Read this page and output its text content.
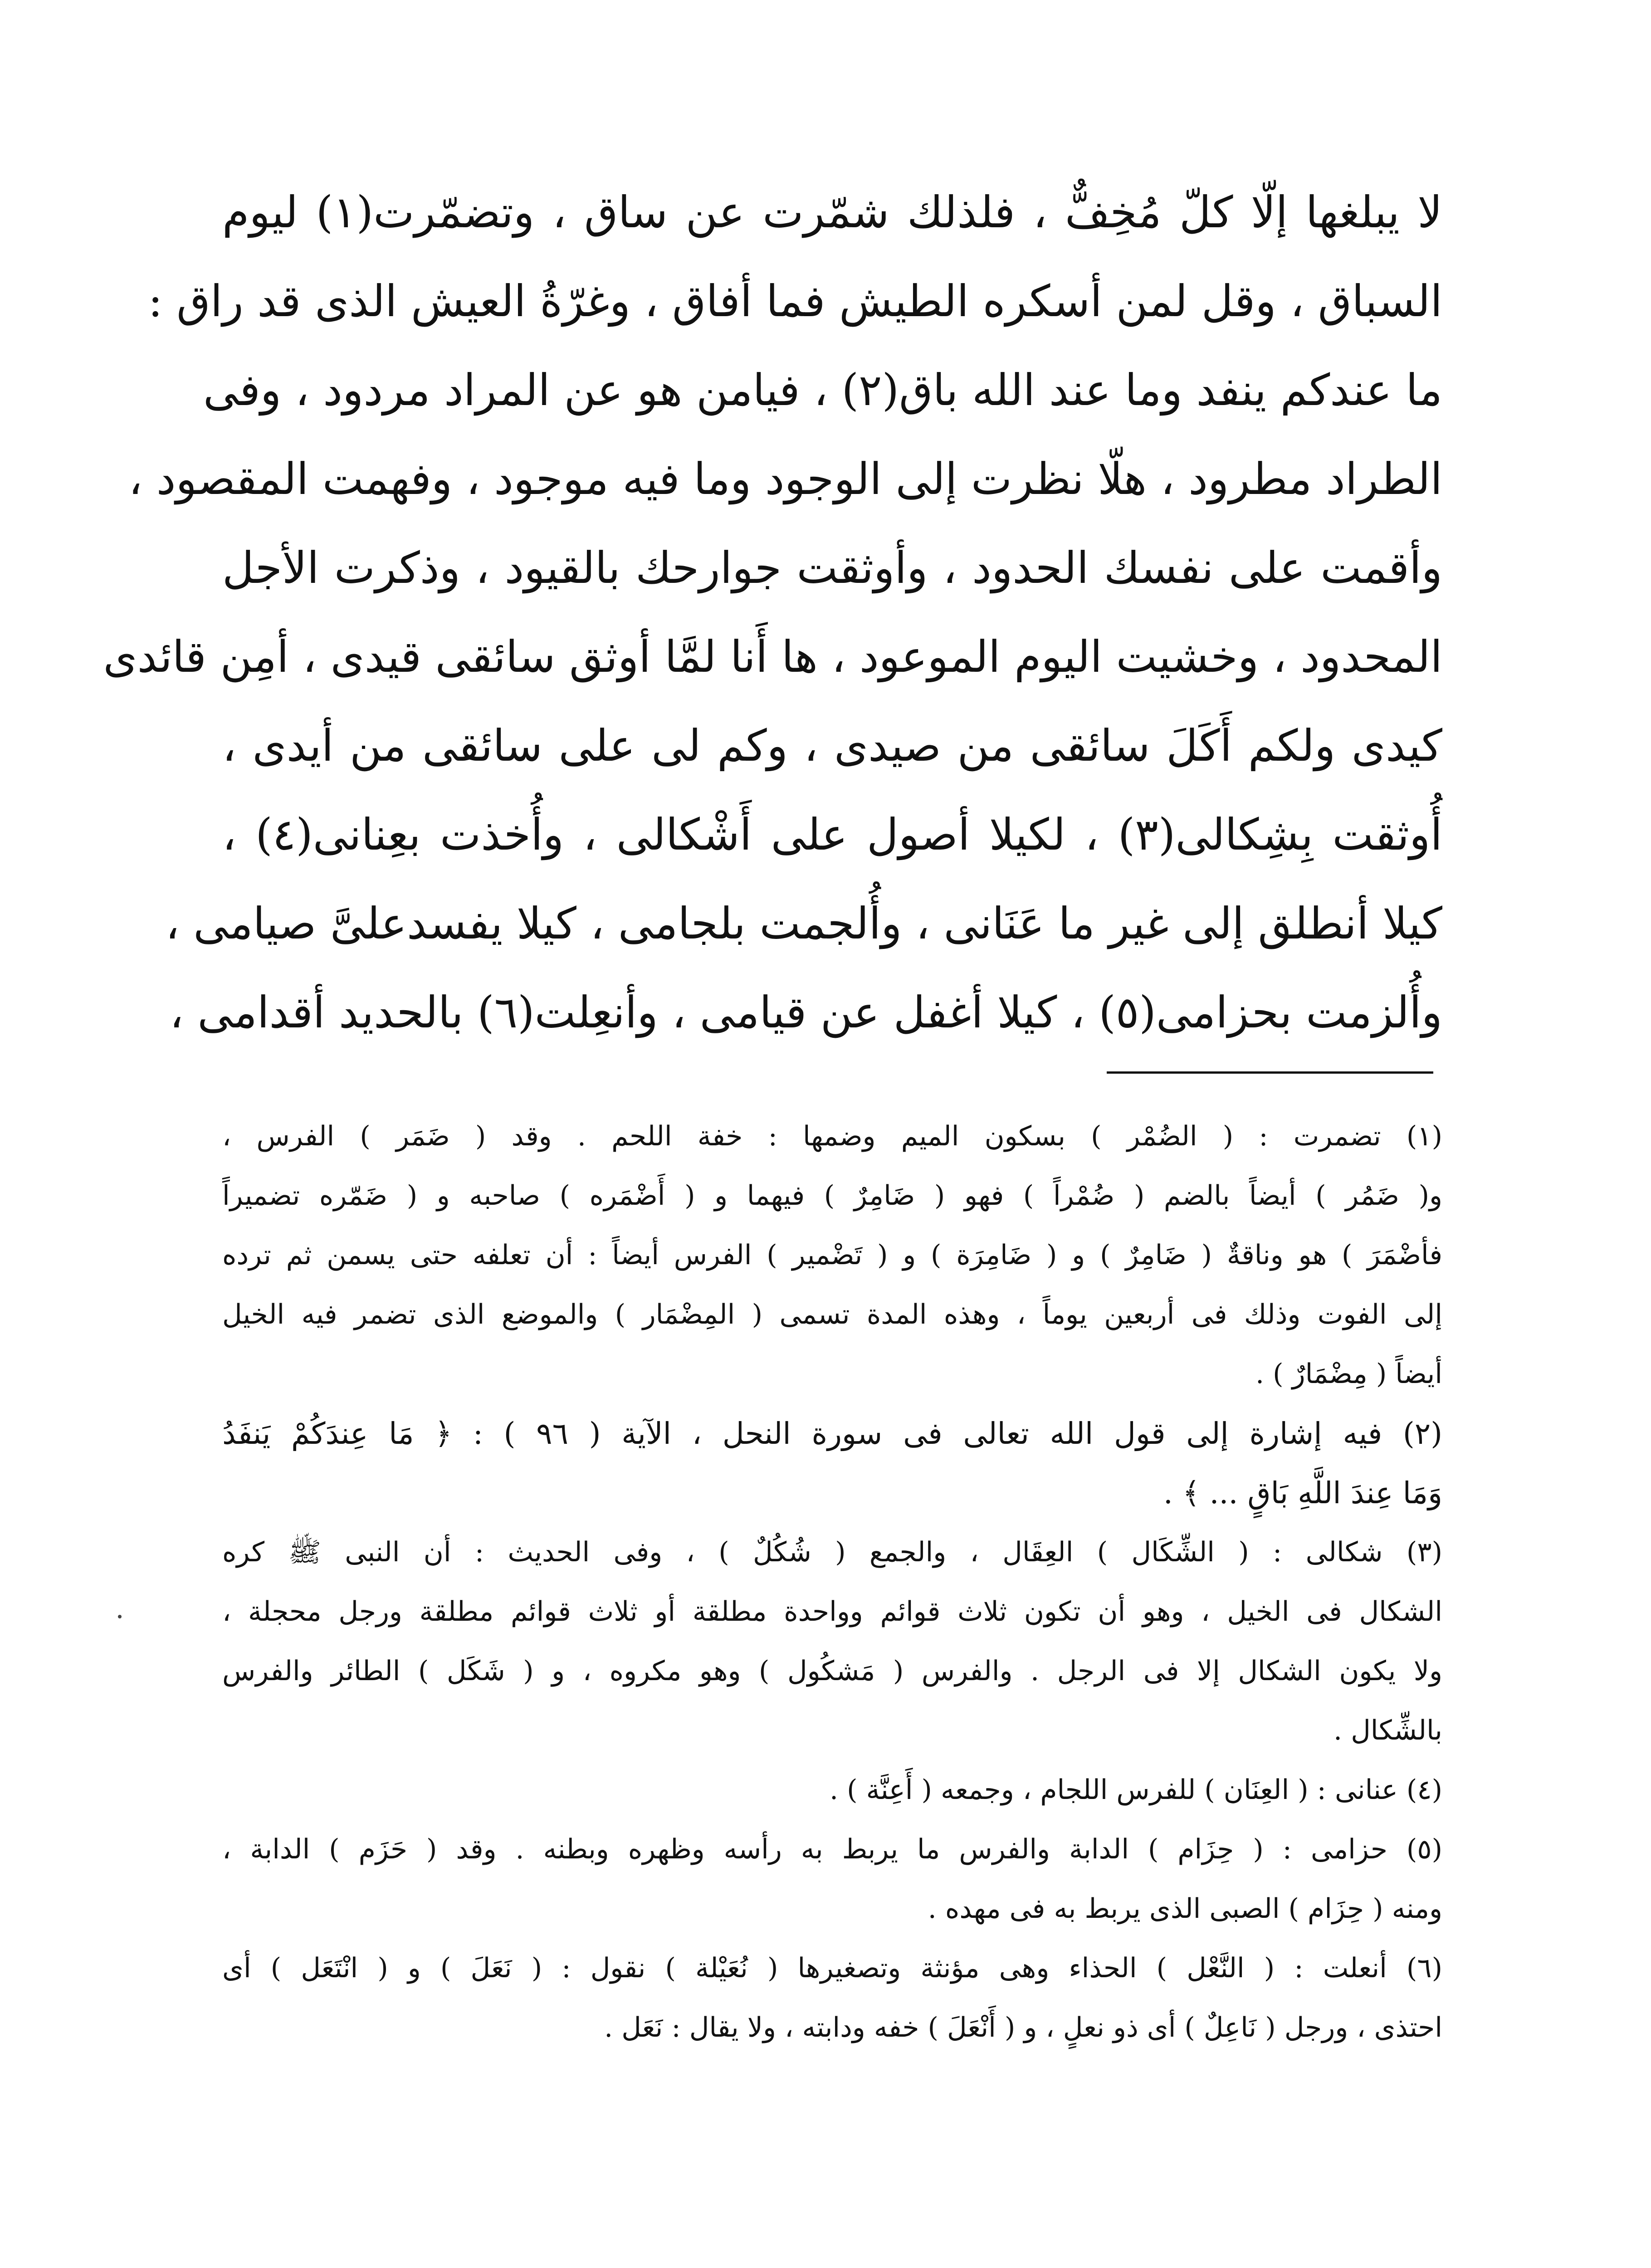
لا يبلغها إلّا كلّ مُخِفٌّ ، فلذلك شمّرت عن ساق ، وتضمّرت(١) ليوم
السباق ، وقل لمن أسكره الطيش فما أفاق ، وغرّةُ العيش الذى قد راق :
ما عندكم ينفد وما عند الله باق(٢) ، فيامن هو عن المراد مردود ، وفى
الطراد مطرود ، هلّا نظرت إلى الوجود وما فيه موجود ، وفهمت المقصود ،
وأقمت على نفسك الحدود ، وأوثقت جوارحك بالقيود ، وذكرت الأجل
المحدود ، وخشيت اليوم الموعود ، ها أَنا لمَّا أوثق سائقى قيدى ، أمِن قائدى
كيدى ولكم أَكَلَ سائقى من صيدى ، وكم لى على سائقى من أيدى ،
أُوثقت بِشِكالى(٣) ، لكيلا أصول على أَشْكالى ، وأُخذت بعِنانى(٤) ،
كيلا أنطلق إلى غير ما عَنَانى ، وأُلجمت بلجامى ، كيلا يفسدعلىَّ صيامى ،
وأُلزمت بحزامى(٥) ، كيلا أغفل عن قيامى ، وأنعِلت(٦) بالحديد أقدامى ،
(١) تضمرت : ( الضُمْر ) بسكون الميم وضمها : خفة اللحم . وقد ( ضَمَر ) الفرس ،
و( ضَمُر ) أيضاً بالضم ( ضُمْراً ) فهو ( ضَامِرٌ ) فيهما و ( أَضْمَره ) صاحبه و ( ضَمّره تضميراً
فأضْمَرَ ) هو وناقةٌ ( ضَامِرٌ ) و ( ضَامِرَة ) و ( تَضْمير ) الفرس أيضاً : أن تعلفه حتى يسمن ثم ترده
إلى الفوت وذلك فى أربعين يوماً ، وهذه المدة تسمى ( المِضْمَار ) والموضع الذى تضمر فيه الخيل
أيضاً ( مِضْمَارٌ ) .
(٢) فيه إشارة إلى قول الله تعالى فى سورة النحل ، الآية ( ٩٦ ) : ﴿ مَا عِندَكُمْ يَنفَدُ
وَمَا عِندَ اللَّهِ بَاقٍ ... ﴾ .
(٣) شكالى : ( الشِّكَال ) العِقَال ، والجمع ( شُكُلٌ ) ، وفى الحديث : أن النبى ﷺ كره
الشكال فى الخيل ، وهو أن تكون ثلاث قوائم وواحدة مطلقة أو ثلاث قوائم مطلقة ورجل محجلة ،
ولا يكون الشكال إلا فى الرجل . والفرس ( مَشكُول ) وهو مكروه ، و ( شَكَل ) الطائر والفرس
بالشِّكال .
(٤) عنانى : ( العِنَان ) للفرس اللجام ، وجمعه ( أَعِنَّة ) .
(٥) حزامى : ( حِزَام ) الدابة والفرس ما يربط به رأسه وظهره وبطنه . وقد ( حَزَم ) الدابة ،
ومنه ( حِزَام ) الصبى الذى يربط به فى مهده .
(٦) أنعلت : ( النَّعْل ) الحذاء وهى مؤنثة وتصغيرها ( نُعَيْلة ) نقول : ( نَعَلَ ) و ( انْتَعَل ) أى
احتذى ، ورجل ( نَاعِلٌ ) أى ذو نعلٍ ، و ( أَنْعَلَ ) خفه ودابته ، ولا يقال : نَعَل .
